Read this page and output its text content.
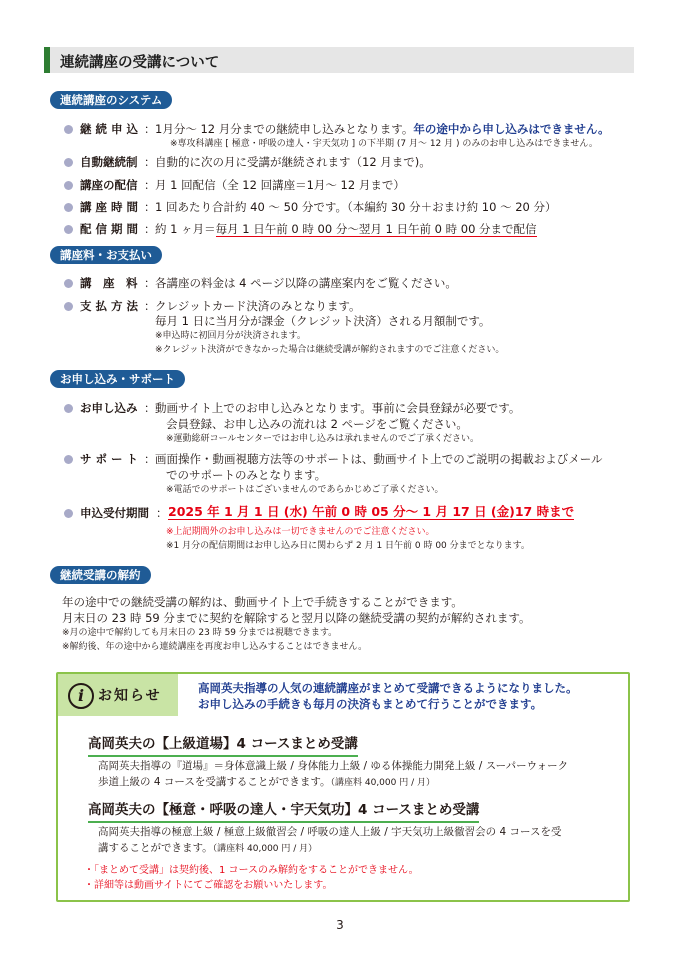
連続講座の受講について
連続講座のシステム
継 続 申 込 ： 1月分〜 12 月分までの継続申し込みとなります。年の途中から申し込みはできません。
※専攻科講座 [ 極意・呼吸の達人・宇天気功 ] の下半期 (7 月〜 12 月 ) のみのお申し込みはできません。
自動継続制 ： 自動的に次の月に受講が継続されます（12 月まで)。
講座の配信 ： 月 1 回配信（全 12 回講座＝1月〜 12 月まで）
講 座 時 間 ： 1 回あたり合計約 40 〜 50 分です。（本編約 30 分＋おまけ約 10 〜 20 分）
配 信 期 間 ： 約 1 ヶ月＝毎月 1 日午前 0 時 00 分〜翌月 1 日午前 0 時 00 分まで配信
講座料・お支払い
講　座　料 ： 各講座の料金は 4 ページ以降の講座案内をご覧ください。
支 払 方 法 ： クレジットカード決済のみとなります。
毎月 1 日に当月分が課金（クレジット決済）される月額制です。
※申込時に初回月分が決済されます。
※クレジット決済ができなかった場合は継続受講が解約されますのでご注意ください。
お申し込み・サポート
お申し込み ： 動画サイト上でのお申し込みとなります。事前に会員登録が必要です。
会員登録、お申し込みの流れは 2 ページをご覧ください。
※運動総研コールセンターではお申し込みは承れませんのでご了承ください。
サ ポ ー ト ： 画面操作・動画視聴方法等のサポートは、動画サイト上でのご説明の掲載およびメール
でのサポートのみとなります。
※電話でのサポートはございませんのであらかじめご了承ください。
申込受付期間 ： 2025 年 1 月 1 日 (水) 午前 0 時 05 分〜 1 月 17 日 (金)17 時まで
※上記期間外のお申し込みは一切できませんのでご注意ください。
※1 月分の配信期間はお申し込み日に関わらず 2 月 1 日午前 0 時 00 分までとなります。
継続受講の解約
年の途中での継続受講の解約は、動画サイト上で手続きすることができます。
月末日の 23 時 59 分までに契約を解除すると翌月以降の継続受講の契約が解約されます。
※月の途中で解約しても月末日の 23 時 59 分までは視聴できます。
※解約後、年の途中から連続講座を再度お申し込みすることはできません。
i お知らせ	高岡英夫指導の人気の連続講座がまとめて受講できるようになりました。
お申し込みの手続きも毎月の決済もまとめて行うことができます。
高岡英夫の【上級道場】4 コースまとめ受講
高岡英夫指導の『道場』＝身体意識上級 / 身体能力上級 / ゆる体操能力開発上級 / スーパーウォーク
歩道上級の 4 コースを受講することができます。（講座料 40,000 円 / 月）
高岡英夫の【極意・呼吸の達人・宇天気功】4 コースまとめ受講
高岡英夫指導の極意上級 / 極意上級徹習会 / 呼吸の達人上級 / 宇天気功上級徹習会の 4 コースを受
講することができます。（講座料 40,000 円 / 月）
・「まとめて受講」は契約後、1 コースのみ解約をすることができません。
・詳細等は動画サイトにてご確認をお願いいたします。
3
